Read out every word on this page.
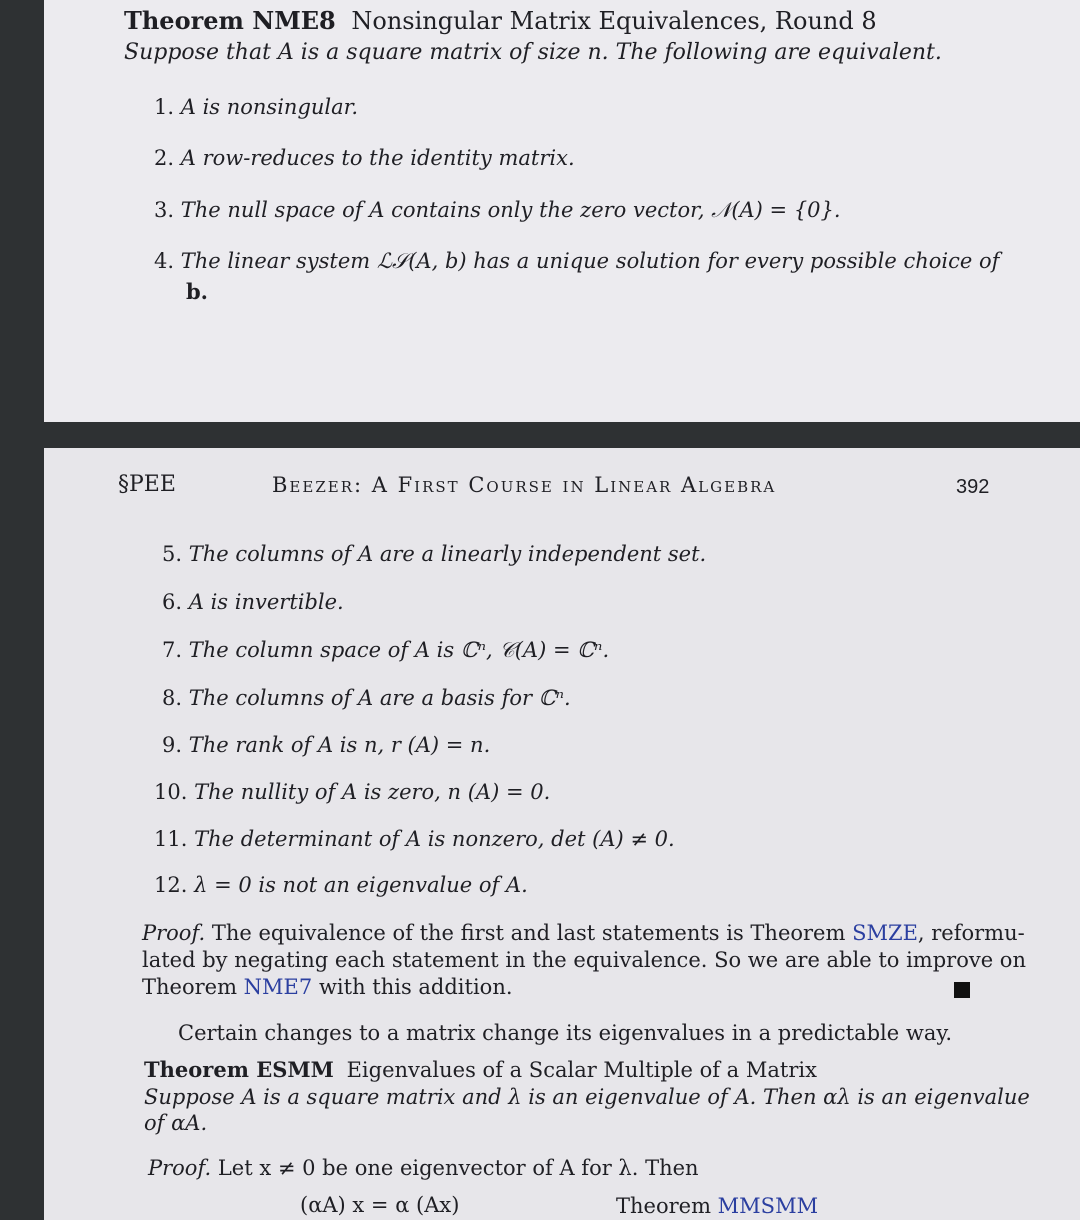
Theorem NME8 Nonsingular Matrix Equivalences, Round 8
Suppose that A is a square matrix of size n. The following are equivalent.
1. A is nonsingular.
2. A row-reduces to the identity matrix.
3. The null space of A contains only the zero vector, 𝒩(A) = {0}.
4. The linear system ℒ𝒮(A, b) has a unique solution for every possible choice of
b.
§PEE	Beezer: A First Course in Linear Algebra	392
5. The columns of A are a linearly independent set.
6. A is invertible.
7. The column space of A is ℂⁿ, 𝒞(A) = ℂⁿ.
8. The columns of A are a basis for ℂⁿ.
9. The rank of A is n, r (A) = n.
10. The nullity of A is zero, n (A) = 0.
11. The determinant of A is nonzero, det (A) ≠ 0.
12. λ = 0 is not an eigenvalue of A.
Proof. The equivalence of the first and last statements is Theorem SMZE, reformu-
lated by negating each statement in the equivalence. So we are able to improve on
Theorem NME7 with this addition.
Certain changes to a matrix change its eigenvalues in a predictable way.
Theorem ESMM Eigenvalues of a Scalar Multiple of a Matrix
Suppose A is a square matrix and λ is an eigenvalue of A. Then αλ is an eigenvalue
of αA.
Proof. Let x ≠ 0 be one eigenvector of A for λ. Then
(αA) x = α (Ax)	Theorem MMSMM
